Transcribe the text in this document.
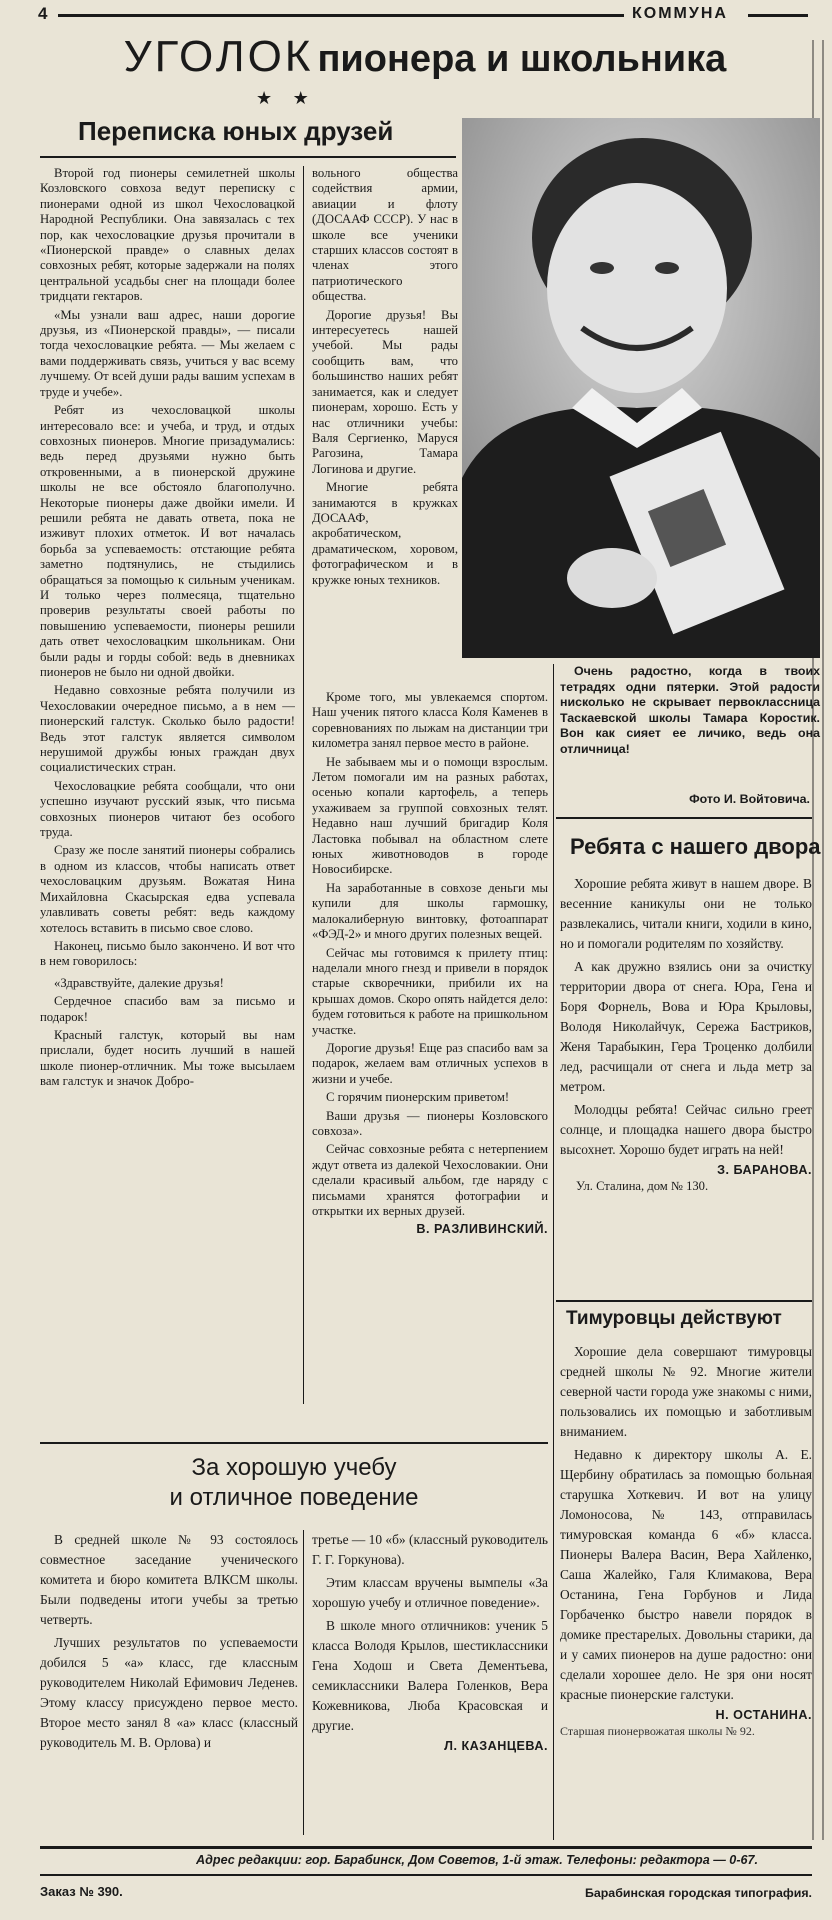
4	КОММУНА
УГОЛОК пионера и школьника
★ ★
Переписка юных друзей

Второй год пионеры семилетней школы Козловского совхоза ведут переписку с пионерами одной из школ Чехословацкой Народной Республики. Она завязалась с тех пор, как чехословацкие друзья прочитали в «Пионерской правде» о славных делах совхозных ребят, которые задержали на полях центральной усадьбы снег на площади более тридцати гектаров.

«Мы узнали ваш адрес, наши дорогие друзья, из «Пионерской правды», — писали тогда чехословацкие ребята. — Мы желаем с вами поддерживать связь, учиться у вас всему лучшему. От всей души рады вашим успехам в труде и учебе».

Ребят из чехословацкой школы интересовало все: и учеба, и труд, и отдых совхозных пионеров. Многие призадумались: ведь перед друзьями нужно быть откровенными, а в пионерской дружине школы не все обстояло благополучно. Некоторые пионеры даже двойки имели. И решили ребята не давать ответа, пока не изживут плохих отметок. И вот началась борьба за успеваемость: отстающие ребята заметно подтянулись, не стыдились обращаться за помощью к сильным ученикам. И только через полмесяца, тщательно проверив результаты своей работы по повышению успеваемости, пионеры решили дать ответ чехословацким школьникам. Они были рады и горды собой: ведь в дневниках пионеров не было ни одной двойки.

Недавно совхозные ребята получили из Чехословакии очередное письмо, а в нем — пионерский галстук. Сколько было радости! Ведь этот галстук является символом нерушимой дружбы юных граждан двух социалистических стран.

Чехословацкие ребята сообщали, что они успешно изучают русский язык, что письма совхозных пионеров читают без особого труда.

Сразу же после занятий пионеры собрались в одном из классов, чтобы написать ответ чехословацким друзьям. Вожатая Нина Михайловна Скасырская едва успевала улавливать советы ребят: ведь каждому хотелось вставить в письмо свое слово.

Наконец, письмо было закончено. И вот что в нем говорилось:

«Здравствуйте, далекие друзья!

Сердечное спасибо вам за письмо и подарок!

Красный галстук, который вы нам прислали, будет носить лучший в нашей школе пионер-отличник. Мы тоже высылаем вам галстук и значок Добро-

вольного общества содействия армии, авиации и флоту (ДОСААФ СССР). У нас в школе все ученики старших классов состоят в членах этого патриотического общества.

Дорогие друзья! Вы интересуетесь нашей учебой. Мы рады сообщить вам, что большинство наших ребят занимается, как и следует пионерам, хорошо. Есть у нас отличники учебы: Валя Сергиенко, Маруся Рагозина, Тамара Логинова и другие.

Многие ребята занимаются в кружках ДОСААФ, акробатическом, драматическом, хоровом, фотографическом и в кружке юных техников.

Кроме того, мы увлекаемся спортом. Наш ученик пятого класса Коля Каменев в соревнованиях по лыжам на дистанции три километра занял первое место в районе.

Не забываем мы и о помощи взрослым. Летом помогали им на разных работах, осенью копали картофель, а теперь ухаживаем за группой совхозных телят. Недавно наш лучший бригадир Коля Ластовка побывал на областном слете юных животноводов в городе Новосибирске.

На заработанные в совхозе деньги мы купили для школы гармошку, малокалиберную винтовку, фотоаппарат «ФЭД-2» и много других полезных вещей.

Сейчас мы готовимся к прилету птиц: наделали много гнезд и привели в порядок старые скворечники, прибили их на крышах домов. Скоро опять найдется дело: будем готовиться к работе на пришкольном участке.

Дорогие друзья! Еще раз спасибо вам за подарок, желаем вам отличных успехов в жизни и учебе.

С горячим пионерским приветом!

Ваши друзья — пионеры Козловского совхоза».

Сейчас совхозные ребята с нетерпением ждут ответа из далекой Чехословакии. Они сделали красивый альбом, где наряду с письмами хранятся фотографии и открытки их верных друзей.

В. РАЗЛИВИНСКИЙ.
Очень радостно, когда в твоих тетрадях одни пятерки. Этой радости нисколько не скрывает первоклассница Таскаевской школы Тамара Коростик. Вон как сияет ее личико, ведь она отличница!
Фото И. Войтовича.
Ребята с нашего двора

Хорошие ребята живут в нашем дворе. В весенние каникулы они не только развлекались, читали книги, ходили в кино, но и помогали родителям по хозяйству.

А как дружно взялись они за очистку территории двора от снега. Юра, Гена и Боря Форнель, Вова и Юра Крыловы, Володя Николайчук, Сережа Бастриков, Женя Тарабыкин, Гера Троценко долбили лед, расчищали от снега и льда метр за метром.

Молодцы ребята! Сейчас сильно греет солнце, и площадка нашего двора быстро высохнет. Хорошо будет играть на ней!

З. БАРАНОВА.
Ул. Сталина, дом № 130.
Тимуровцы действуют

Хорошие дела совершают тимуровцы средней школы № 92. Многие жители северной части города уже знакомы с ними, пользовались их помощью и заботливым вниманием.

Недавно к директору школы А. Е. Щербину обратилась за помощью больная старушка Хоткевич. И вот на улицу Ломоносова, № 143, отправилась тимуровская команда 6 «б» класса. Пионеры Валера Васин, Вера Хайленко, Саша Жалейко, Галя Климакова, Вера Останина, Гена Горбунов и Лида Горбаченко быстро навели порядок в домике престарелых. Довольны старики, да и у самих пионеров на душе радостно: они сделали хорошее дело. Не зря они носят красные пионерские галстуки.

Н. ОСТАНИНА.
Старшая пионервожатая школы № 92.
За хорошую учебу
и отличное поведение

В средней школе № 93 состоялось совместное заседание ученического комитета и бюро комитета ВЛКСМ школы. Были подведены итоги учебы за третью четверть.

Лучших результатов по успеваемости добился 5 «а» класс, где классным руководителем Николай Ефимович Леденев. Этому классу присуждено первое место. Второе место занял 8 «а» класс (классный руководитель М. В. Орлова) и

третье — 10 «б» (классный руководитель Г. Г. Горкунова).

Этим классам вручены вымпелы «За хорошую учебу и отличное поведение».

В школе много отличников: ученик 5 класса Володя Крылов, шестиклассники Гена Ходош и Света Дементьева, семиклассники Валера Голенков, Вера Кожевникова, Люба Красовская и другие.

Л. КАЗАНЦЕВА.
Адрес редакции: гор. Барабинск, Дом Советов, 1-й этаж. Телефоны: редактора — 0-67.
Заказ № 390.	Барабинская городская типография.
